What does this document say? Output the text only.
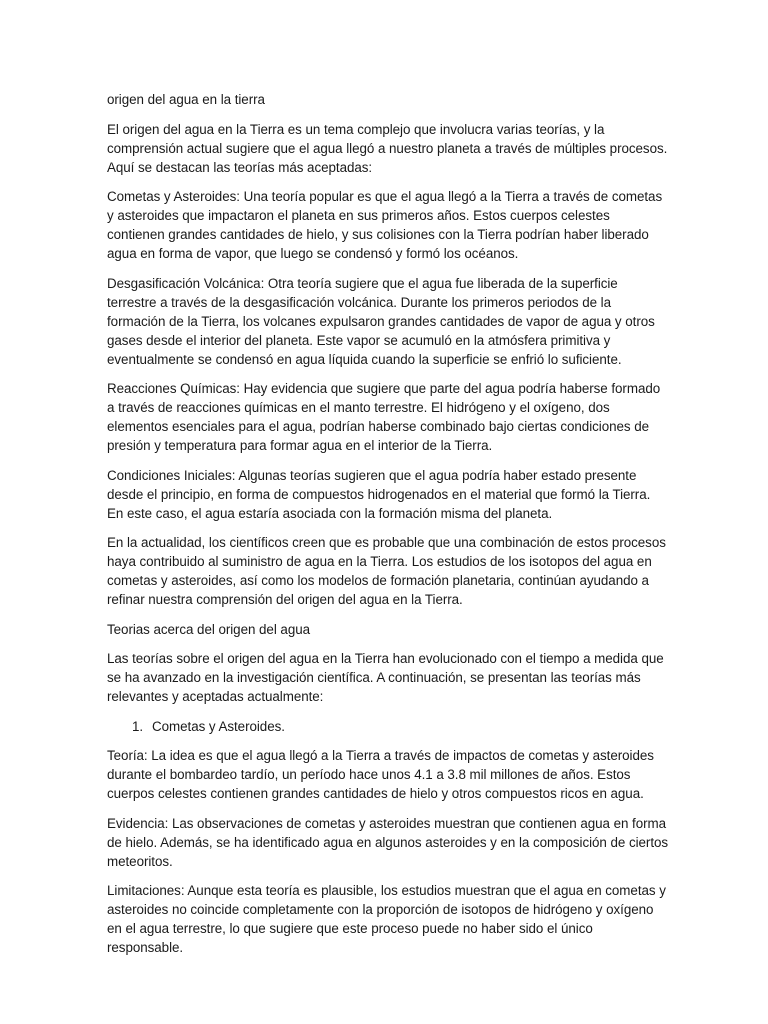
origen del agua en la tierra

El origen del agua en la Tierra es un tema complejo que involucra varias teorías, y la comprensión actual sugiere que el agua llegó a nuestro planeta a través de múltiples procesos. Aquí se destacan las teorías más aceptadas:

Cometas y Asteroides: Una teoría popular es que el agua llegó a la Tierra a través de cometas y asteroides que impactaron el planeta en sus primeros años. Estos cuerpos celestes contienen grandes cantidades de hielo, y sus colisiones con la Tierra podrían haber liberado agua en forma de vapor, que luego se condensó y formó los océanos.

Desgasificación Volcánica: Otra teoría sugiere que el agua fue liberada de la superficie terrestre a través de la desgasificación volcánica. Durante los primeros periodos de la formación de la Tierra, los volcanes expulsaron grandes cantidades de vapor de agua y otros gases desde el interior del planeta. Este vapor se acumuló en la atmósfera primitiva y eventualmente se condensó en agua líquida cuando la superficie se enfrió lo suficiente.

Reacciones Químicas: Hay evidencia que sugiere que parte del agua podría haberse formado a través de reacciones químicas en el manto terrestre. El hidrógeno y el oxígeno, dos elementos esenciales para el agua, podrían haberse combinado bajo ciertas condiciones de presión y temperatura para formar agua en el interior de la Tierra.

Condiciones Iniciales: Algunas teorías sugieren que el agua podría haber estado presente desde el principio, en forma de compuestos hidrogenados en el material que formó la Tierra. En este caso, el agua estaría asociada con la formación misma del planeta.

En la actualidad, los científicos creen que es probable que una combinación de estos procesos haya contribuido al suministro de agua en la Tierra. Los estudios de los isotopos del agua en cometas y asteroides, así como los modelos de formación planetaria, continúan ayudando a refinar nuestra comprensión del origen del agua en la Tierra.

Teorias acerca del origen del agua

Las teorías sobre el origen del agua en la Tierra han evolucionado con el tiempo a medida que se ha avanzado en la investigación científica. A continuación, se presentan las teorías más relevantes y aceptadas actualmente:

1. Cometas y Asteroides.

Teoría: La idea es que el agua llegó a la Tierra a través de impactos de cometas y asteroides durante el bombardeo tardío, un período hace unos 4.1 a 3.8 mil millones de años. Estos cuerpos celestes contienen grandes cantidades de hielo y otros compuestos ricos en agua.

Evidencia: Las observaciones de cometas y asteroides muestran que contienen agua en forma de hielo. Además, se ha identificado agua en algunos asteroides y en la composición de ciertos meteoritos.

Limitaciones: Aunque esta teoría es plausible, los estudios muestran que el agua en cometas y asteroides no coincide completamente con la proporción de isotopos de hidrógeno y oxígeno en el agua terrestre, lo que sugiere que este proceso puede no haber sido el único responsable.
